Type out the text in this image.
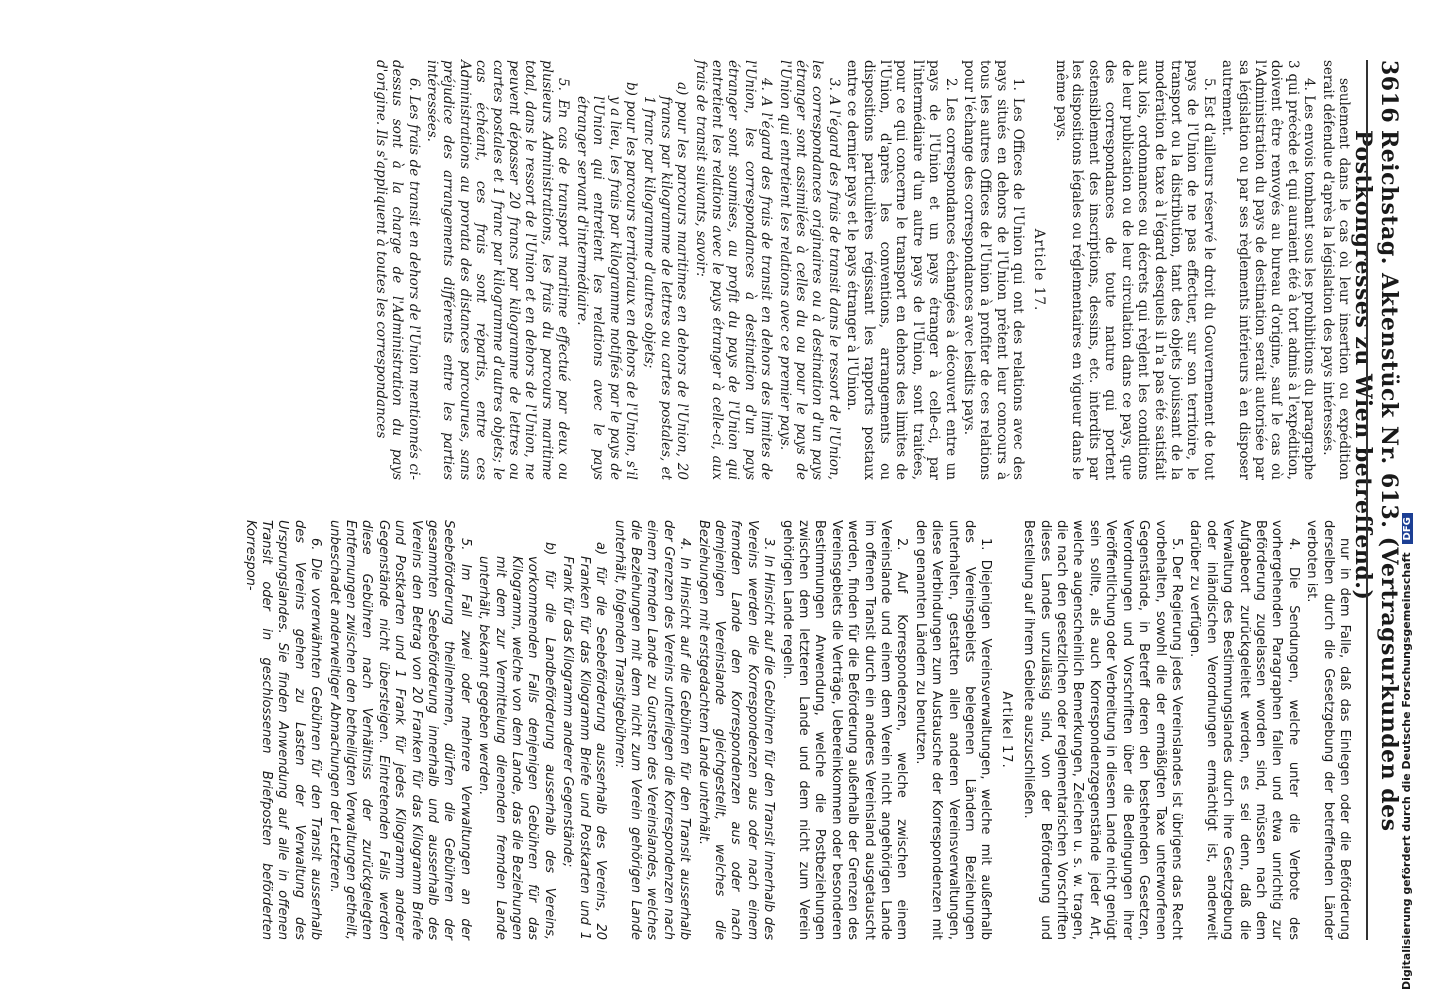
3616
Reichstag. Aktenstück Nr. 613. (Vertragsurkunden des Postkongresses zu Wien betreffend.)

seulement dans le cas où leur insertion ou expédition serait défendue d'après la législation des pays intéressés.

4. Les envois tombant sous les prohibitions du paragraphe 3 qui précède et qui auraient été à tort admis à l'expédition, doivent être renvoyés au bureau d'origine, sauf le cas où l'Administration du pays de destination serait autorisée par sa législation ou par ses règlements intérieurs à en disposer autrement.

5. Est d'ailleurs réservé le droit du Gouvernement de tout pays de l'Union de ne pas effectuer, sur son territoire, le transport ou la distribution, tant des objets jouissant de la modération de taxe à l'égard desquels il n'a pas été satisfait aux lois, ordonnances ou décrets qui règlent les conditions de leur publication ou de leur circulation dans ce pays, que des correspondances de toute nature qui portent ostensiblement des inscriptions, dessins, etc. interdits par les dispositions légales ou réglementaires en vigueur dans le même pays.

Article 17.

1. Les Offices de l'Union qui ont des relations avec des pays situés en dehors de l'Union prêtent leur concours à tous les autres Offices de l'Union à profiter de ces relations pour l'échange des correspondances avec lesdits pays.

2. Les correspondances échangées à découvert entre un pays de l'Union et un pays étranger à celle-ci, par l'intermédiaire d'un autre pays de l'Union, sont traitées, pour ce qui concerne le transport en dehors des limites de l'Union, d'après les conventions, arrangements ou dispositions particulières régissant les rapports postaux entre ce dernier pays et le pays étranger à l'Union.

3. A l'égard des frais de transit dans le ressort de l'Union, les correspondances originaires ou à destination d'un pays étranger sont assimilées à celles du ou pour le pays de l'Union qui entretient les relations avec ce premier pays.

4. A l'égard des frais de transit en dehors des limites de l'Union, les correspondances à destination d'un pays étranger sont soumises, au profit du pays de l'Union qui entretient les relations avec le pays étranger à celle-ci, aux frais de transit suivants, savoir:

a) pour les parcours maritimes en dehors de l'Union, 20 francs par kilogramme de lettres ou cartes postales, et 1 franc par kilogramme d'autres objets;

b) pour les parcours territoriaux en dehors de l'Union, s'il y a lieu, les frais par kilogramme notifiés par le pays de l'Union qui entretient les relations avec le pays étranger servant d'intermédiaire.

5. En cas de transport maritime effectué par deux ou plusieurs Administrations, les frais du parcours maritime total, dans le ressort de l'Union et en dehors de l'Union, ne peuvent dépasser 20 francs par kilogramme de lettres ou cartes postales et 1 franc par kilogramme d'autres objets; le cas échéant, ces frais sont répartis, entre ces Administrations au prorata des distances parcourues, sans préjudice des arrangements différents entre les parties intéressées.

6. Les frais de transit en dehors de l'Union mentionnés ci-dessus sont à la charge de l'Administration du pays d'origine. Ils s'appliquent à toutes les correspondances

nur in dem Falle, daß das Einlegen oder die Beförderung derselben durch die Gesetzgebung der betreffenden Länder verboten ist.

4. Die Sendungen, welche unter die Verbote des vorhergehenden Paragraphen fallen und etwa unrichtig zur Beförderung zugelassen worden sind, müssen nach dem Aufgabeort zurückgeleitet werden, es sei denn, daß die Verwaltung des Bestimmungslandes durch ihre Gesetzgebung oder inländischen Verordnungen ermächtigt ist, anderweit darüber zu verfügen.

5. Der Regierung jedes Vereinslandes ist übrigens das Recht vorbehalten, sowohl die der ermäßigten Taxe unterworfenen Gegenstände, in Betreff deren den bestehenden Gesetzen, Verordnungen und Vorschriften über die Bedingungen ihrer Veröffentlichung oder Verbreitung in diesem Lande nicht genügt sein sollte, als auch Korrespondenzgegenstände jeder Art, welche augenscheinlich Bemerkungen, Zeichen u. s. w. tragen, die nach den gesetzlichen oder reglementarischen Vorschriften dieses Landes unzulässig sind, von der Beförderung und Bestellung auf ihrem Gebiete auszuschließen.

Artikel 17.

1. Diejenigen Vereinsverwaltungen, welche mit außerhalb des Vereinsgebiets belegenen Ländern Beziehungen unterhalten, gestatten allen anderen Vereinsverwaltungen, diese Verbindungen zum Austausche der Korrespondenzen mit den genannten Ländern zu benutzen.

2. Auf Korrespondenzen, welche zwischen einem Vereinslande und einem dem Verein nicht angehörigen Lande im offenen Transit durch ein anderes Vereinsland ausgetauscht werden, finden für die Beförderung außerhalb der Grenzen des Vereinsgebiets die Verträge, Uebereinkommen oder besonderen Bestimmungen Anwendung, welche die Postbeziehungen zwischen dem letzteren Lande und dem nicht zum Verein gehörigen Lande regeln.

3. In Hinsicht auf die Gebühren für den Transit innerhalb des Vereins werden die Korrespondenzen aus oder nach einem fremden Lande den Korrespondenzen aus oder nach demjenigen Vereinslande gleichgestellt, welches die Beziehungen mit erstgedachtem Lande unterhält.

4. In Hinsicht auf die Gebühren für den Transit ausserhalb der Grenzen des Vereins unterliegen die Korrespondenzen nach einem fremden Lande zu Gunsten des Vereinslandes, welches die Beziehungen mit dem nicht zum Verein gehörigen Lande unterhält, folgenden Transitgebühren:

a) für die Seebeförderung ausserhalb des Vereins, 20 Franken für das Kilogramm Briefe und Postkarten und 1 Frank für das Kilogramm anderer Gegenstände;

b) für die Landbeförderung ausserhalb des Vereins, vorkommenden Falls denjenigen Gebühren für das Kilogramm, welche von dem Lande, das die Beziehungen mit dem zur Vermittelung dienenden fremden Lande unterhält, bekannt gegeben werden.

5. Im Fall zwei oder mehrere Verwaltungen an der Seebeförderung theilnehmen, dürfen die Gebühren der gesammten Seebeförderung innerhalb und ausserhalb des Vereins den Betrag von 20 Franken für das Kilogramm Briefe und Postkarten und 1 Frank für jedes Kilogramm anderer Gegenstände nicht übersteigen. Eintretenden Falls werden diese Gebühren nach Verhältniss der zurückgelegten Entfernungen zwischen den betheiligten Verwaltungen getheilt, unbeschadet anderweitiger Abmachungen der Letzteren.

6. Die vorerwähnten Gebühren für den Transit ausserhalb des Vereins gehen zu Lasten der Verwaltung des Ursprungslandes. Sie finden Anwendung auf alle in offenen Transit oder in geschlossenen Briefposten beförderten Korrespon-	Digitalisierung gefördert durch die Deutsche Forschungsgemeinschaft DFG
